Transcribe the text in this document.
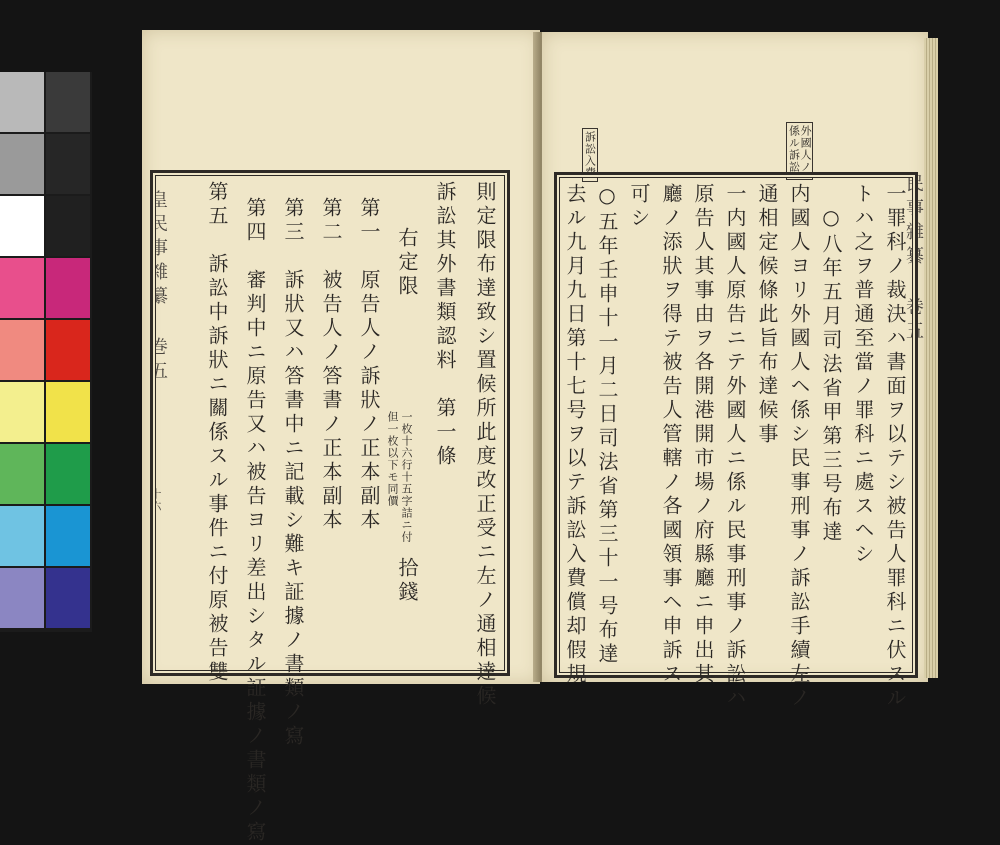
皇民事雜纂 巻五
十六	則定限布達致シ置候所此度改正受ニ左ノ通相達候
訴訟其外書類認料　第一條
右定限
第一　原告人ノ訴狀ノ正本副本
第二　被告人ノ答書ノ正本副本
第三　訴狀又ハ答書中ニ記載シ難キ証據ノ書類ノ寫
第四　審判中ニ原告又ハ被告ヨリ差出シタル証據ノ書類ノ寫
第五　訴訟中訴狀ニ關係スル事件ニ付原被告雙	一枚十六行十五字詰ニ付
但一枚以下モ同價
拾錢
民事雜纂 巻五
訴訟入費	外國人ノ係ル訴訟
一罪科ノ裁決ハ書面ヲ以テシ被告人罪科ニ伏スル
トハ之ヲ普通至當ノ罪科ニ處スヘシ
○八年五月司法省甲第三号布達
内國人ヨリ外國人ヘ係シ民事刑事ノ訴訟手續左ノ
通相定候條此旨布達候事
一内國人原告ニテ外國人ニ係ル民事刑事ノ訴訟ハ
原告人其事由ヲ各開港開市場ノ府縣廳ニ申出其
廳ノ添狀ヲ得テ被告人管轄ノ各國領事ヘ申訴ス
可シ
○五年壬申十一月二日司法省第三十一号布達
去ル九月九日第十七号ヲ以テ訴訟入費償却假規
